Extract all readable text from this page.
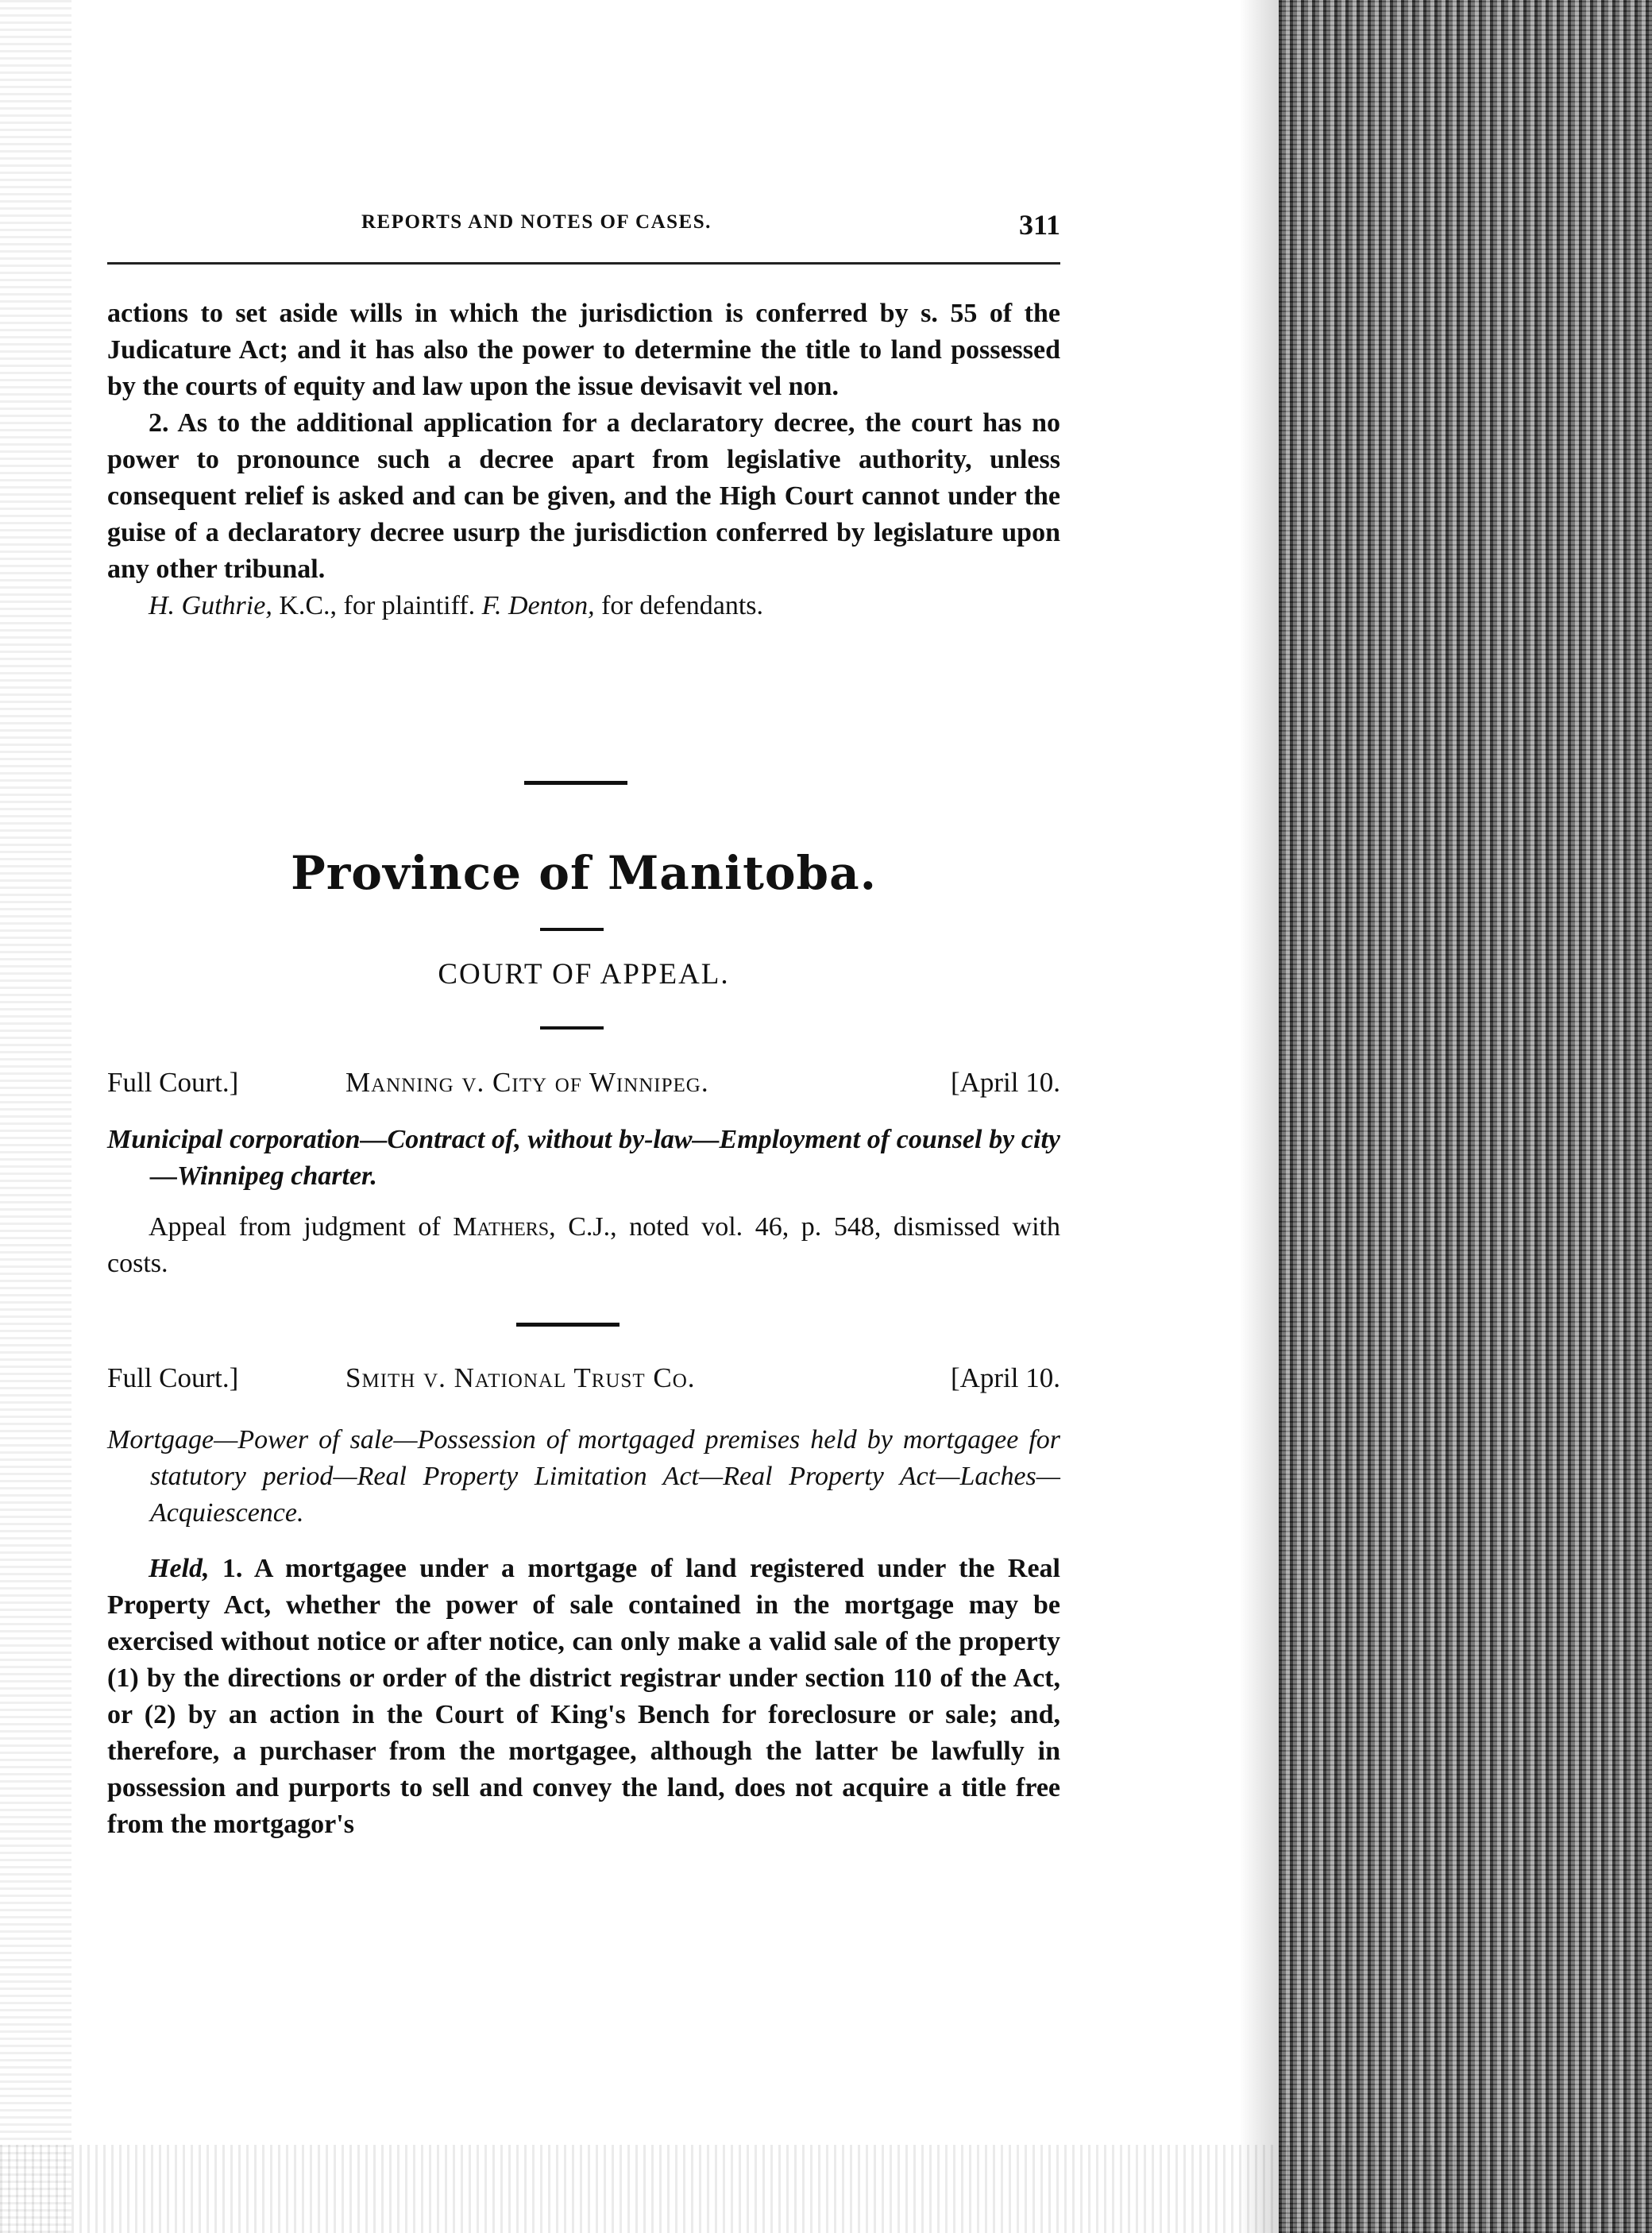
REPORTS AND NOTES OF CASES.	311

actions to set aside wills in which the jurisdiction is conferred by s. 55 of the Judicature Act; and it has also the power to determine the title to land possessed by the courts of equity and law upon the issue devisavit vel non.

2. As to the additional application for a declaratory decree, the court has no power to pronounce such a decree apart from legislative authority, unless consequent relief is asked and can be given, and the High Court cannot under the guise of a declaratory decree usurp the jurisdiction conferred by legislature upon any other tribunal.

H. Guthrie, K.C., for plaintiff. F. Denton, for defendants.

Province of Manitoba.
COURT OF APPEAL.
Full Court.]	Manning v. City of Winnipeg.	[April 10.
Municipal corporation—Contract of, without by-law—Employment of counsel by city—Winnipeg charter.
Appeal from judgment of Mathers, C.J., noted vol. 46, p. 548, dismissed with costs.
Full Court.]	Smith v. National Trust Co.	[April 10.
Mortgage—Power of sale—Possession of mortgaged premises held by mortgagee for statutory period—Real Property Limitation Act—Real Property Act—Laches—Acquiescence.
Held, 1. A mortgagee under a mortgage of land registered under the Real Property Act, whether the power of sale contained in the mortgage may be exercised without notice or after notice, can only make a valid sale of the property (1) by the directions or order of the district registrar under section 110 of the Act, or (2) by an action in the Court of King's Bench for foreclosure or sale; and, therefore, a purchaser from the mortgagee, although the latter be lawfully in possession and purports to sell and convey the land, does not acquire a title free from the mortgagor's
